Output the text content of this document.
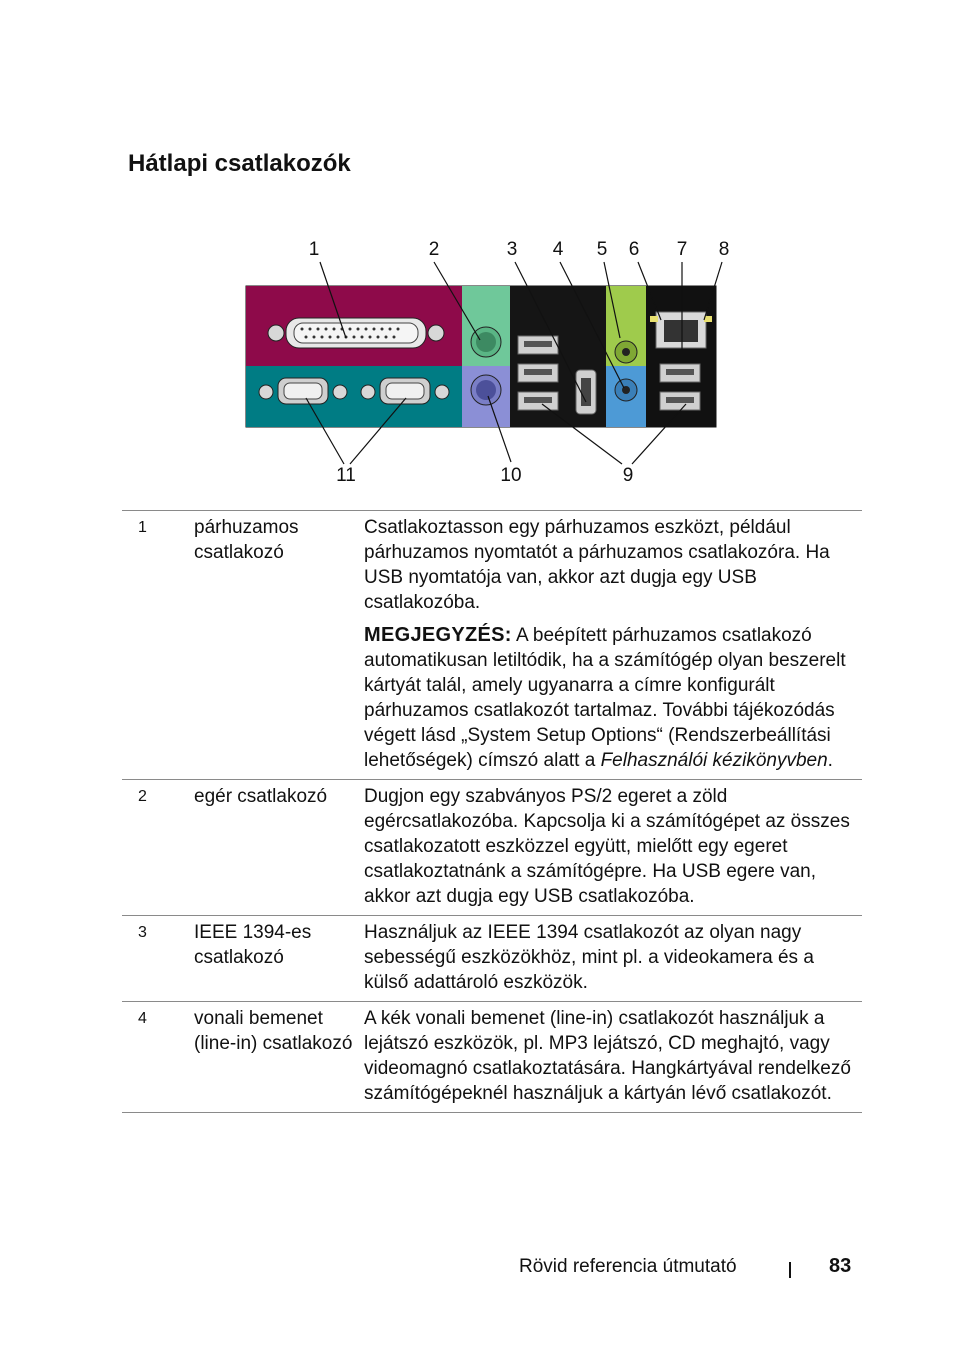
Hátlapi csatlakozók
1	2	3 4 5 6 7 8
9
10
11
1	párhuzamos csatlakozó	Csatlakoztasson egy párhuzamos eszközt, például párhuzamos nyomtatót a párhuzamos csatlakozóra. Ha USB nyomtatója van, akkor azt dugja egy USB csatlakozóba.
MEGJEGYZÉS: A beépített párhuzamos csatlakozó automatikusan letiltódik, ha a számítógép olyan beszerelt kártyát talál, amely ugyanarra a címre konfigurált párhuzamos csatlakozót tartalmaz. További tájékozódás végett lásd „System Setup Options“ (Rendszerbeállítási lehetőségek) címszó alatt a Felhasználói kézikönyvben.

2	egér csatlakozó	Dugjon egy szabványos PS/2 egeret a zöld egércsatlakozóba. Kapcsolja ki a számítógépet az összes csatlakozatott eszközzel együtt, mielőtt egy egeret csatlakoztatnánk a számítógépre. Ha USB egere van, akkor azt dugja egy USB csatlakozóba.
3	IEEE 1394-es csatlakozó	Használjuk az IEEE 1394 csatlakozót az olyan nagy sebességű eszközökhöz, mint pl. a videokamera és a külső adattároló eszközök.
4	vonali bemenet (line-in) csatlakozó	A kék vonali bemenet (line-in) csatlakozót használjuk a lejátszó eszközök, pl. MP3 lejátszó, CD meghajtó, vagy videomagnó csatlakoztatására. Hangkártyával rendelkező számítógépeknél használjuk a kártyán lévő csatlakozót.
Rövid referencia útmutató	83
